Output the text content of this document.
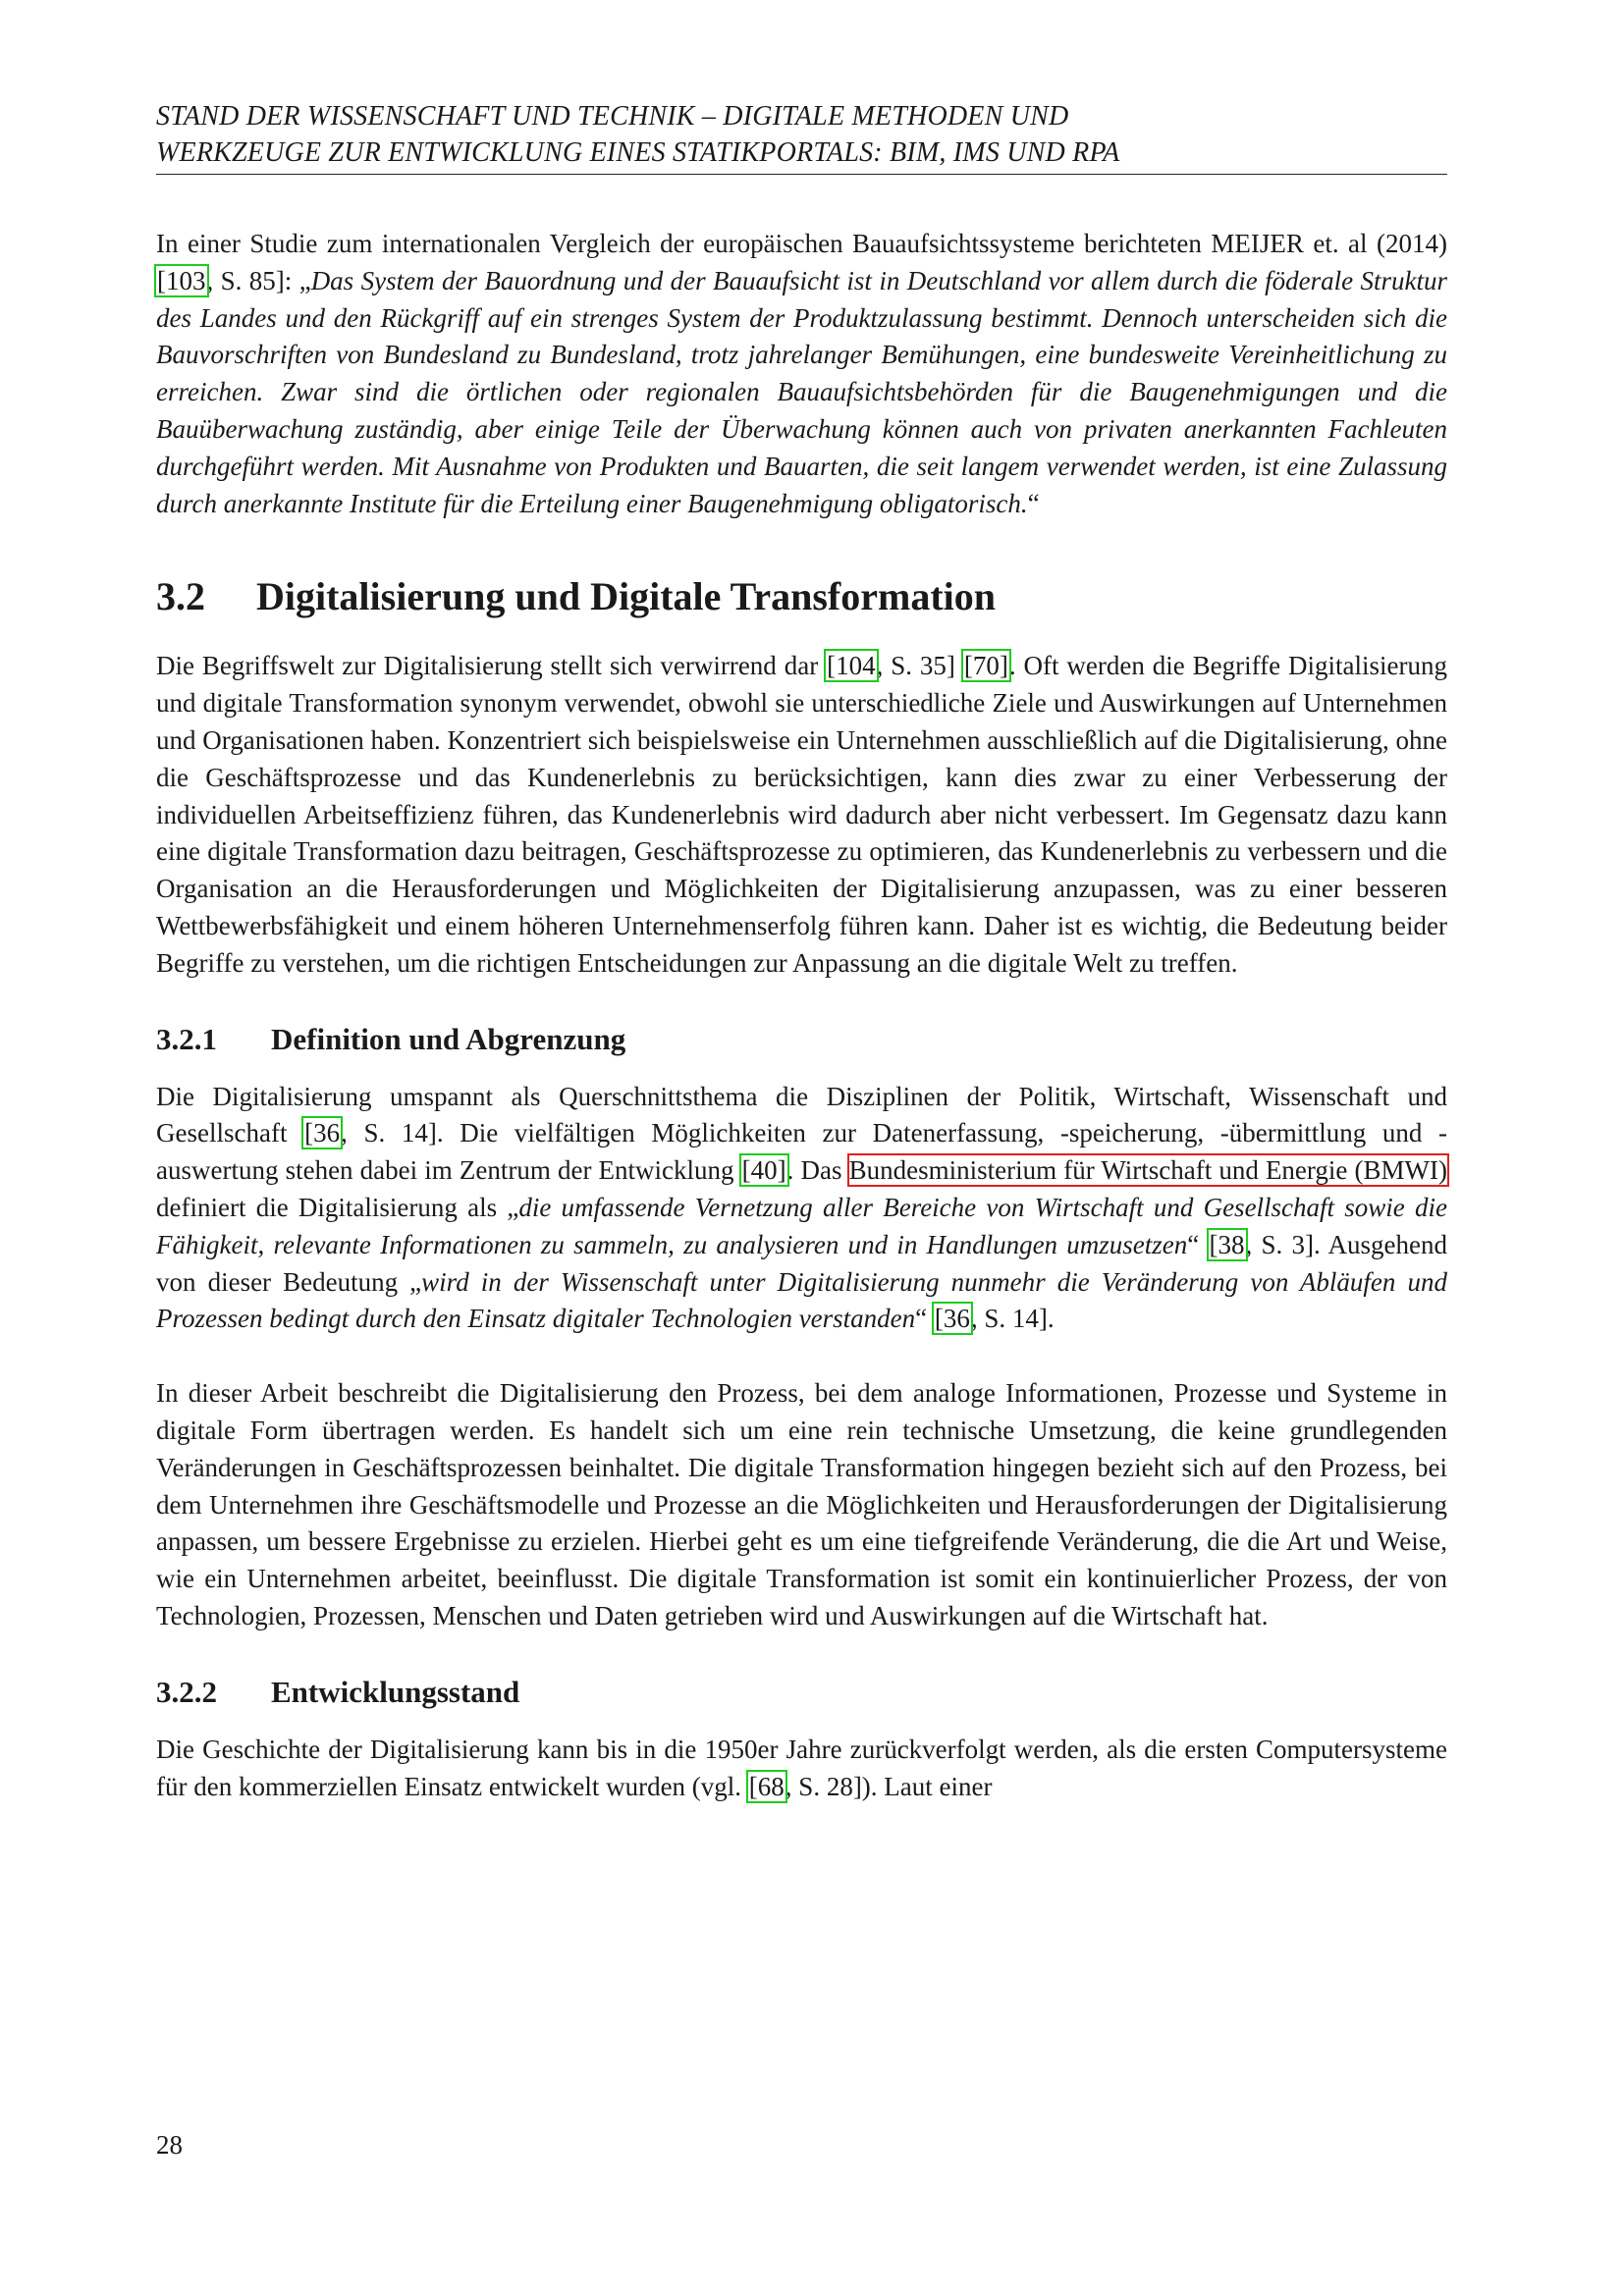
STAND DER WISSENSCHAFT UND TECHNIK – DIGITALE METHODEN UND
WERKZEUGE ZUR ENTWICKLUNG EINES STATIKPORTALS: BIM, IMS UND RPA

In einer Studie zum internationalen Vergleich der europäischen Bauaufsichtssysteme berichteten MEIJER et. al (2014) [103, S. 85]: „Das System der Bauordnung und der Bauaufsicht ist in Deutschland vor allem durch die föderale Struktur des Landes und den Rückgriff auf ein strenges System der Produktzulassung bestimmt. Dennoch unterscheiden sich die Bauvorschriften von Bundesland zu Bundesland, trotz jahrelanger Bemühungen, eine bundesweite Vereinheitlichung zu erreichen. Zwar sind die örtlichen oder regionalen Bauaufsichtsbehörden für die Baugenehmigungen und die Bauüberwachung zuständig, aber einige Teile der Überwachung können auch von privaten anerkannten Fachleuten durchgeführt werden. Mit Ausnahme von Produkten und Bauarten, die seit langem verwendet werden, ist eine Zulassung durch anerkannte Institute für die Erteilung einer Baugenehmigung obligatorisch.“

3.2 Digitalisierung und Digitale Transformation

Die Begriffswelt zur Digitalisierung stellt sich verwirrend dar [104, S. 35] [70]. Oft werden die Begriffe Digitalisierung und digitale Transformation synonym verwendet, obwohl sie unterschiedliche Ziele und Auswirkungen auf Unternehmen und Organisationen haben. Konzentriert sich beispielsweise ein Unternehmen ausschließlich auf die Digitalisierung, ohne die Geschäftsprozesse und das Kundenerlebnis zu berücksichtigen, kann dies zwar zu einer Verbesserung der individuellen Arbeitseffizienz führen, das Kundenerlebnis wird dadurch aber nicht verbessert. Im Gegensatz dazu kann eine digitale Transformation dazu beitragen, Geschäftsprozesse zu optimieren, das Kundenerlebnis zu verbessern und die Organisation an die Herausforderungen und Möglichkeiten der Digitalisierung anzupassen, was zu einer besseren Wettbewerbsfähigkeit und einem höheren Unternehmenserfolg führen kann. Daher ist es wichtig, die Bedeutung beider Begriffe zu verstehen, um die richtigen Entscheidungen zur Anpassung an die digitale Welt zu treffen.

3.2.1 Definition und Abgrenzung

Die Digitalisierung umspannt als Querschnittsthema die Disziplinen der Politik, Wirtschaft, Wissenschaft und Gesellschaft [36, S. 14]. Die vielfältigen Möglichkeiten zur Datenerfassung, -speicherung, -übermittlung und -auswertung stehen dabei im Zentrum der Entwicklung [40]. Das Bundesministerium für Wirtschaft und Energie (BMWI) definiert die Digitalisierung als „die umfassende Vernetzung aller Bereiche von Wirtschaft und Gesellschaft sowie die Fähigkeit, relevante Informationen zu sammeln, zu analysieren und in Handlungen umzusetzen“ [38, S. 3]. Ausgehend von dieser Bedeutung „wird in der Wissenschaft unter Digitalisierung nunmehr die Veränderung von Abläufen und Prozessen bedingt durch den Einsatz digitaler Technologien verstanden“ [36, S. 14].

In dieser Arbeit beschreibt die Digitalisierung den Prozess, bei dem analoge Informationen, Prozesse und Systeme in digitale Form übertragen werden. Es handelt sich um eine rein technische Umsetzung, die keine grundlegenden Veränderungen in Geschäftsprozessen beinhaltet. Die digitale Transformation hingegen bezieht sich auf den Prozess, bei dem Unternehmen ihre Geschäftsmodelle und Prozesse an die Möglichkeiten und Herausforderungen der Digitalisierung anpassen, um bessere Ergebnisse zu erzielen. Hierbei geht es um eine tiefgreifende Veränderung, die die Art und Weise, wie ein Unternehmen arbeitet, beeinflusst. Die digitale Transformation ist somit ein kontinuierlicher Prozess, der von Technologien, Prozessen, Menschen und Daten getrieben wird und Auswirkungen auf die Wirtschaft hat.

3.2.2 Entwicklungsstand

Die Geschichte der Digitalisierung kann bis in die 1950er Jahre zurückverfolgt werden, als die ersten Computersysteme für den kommerziellen Einsatz entwickelt wurden (vgl. [68, S. 28]). Laut einer

28
